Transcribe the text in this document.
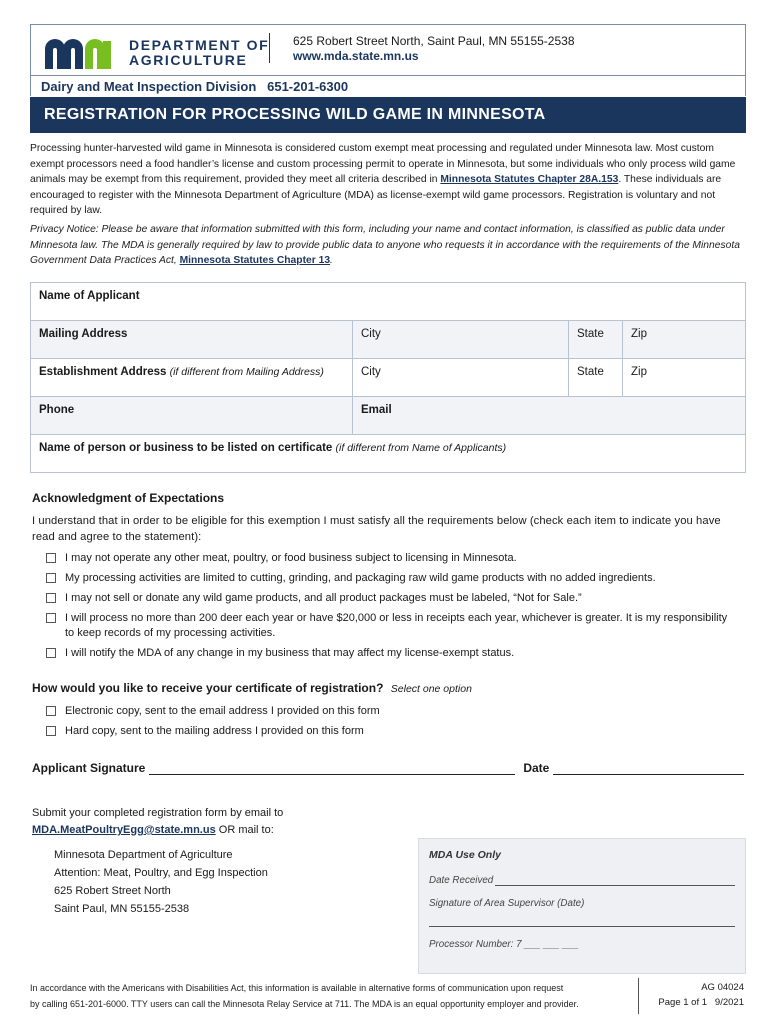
DEPARTMENT OF
AGRICULTURE
625 Robert Street North, Saint Paul, MN 55155-2538
www.mda.state.mn.us
Dairy and Meat Inspection Division   651-201-6300
REGISTRATION FOR PROCESSING WILD GAME IN MINNESOTA
Processing hunter-harvested wild game in Minnesota is considered custom exempt meat processing and regulated under Minnesota law. Most custom exempt processors need a food handler’s license and custom processing permit to operate in Minnesota, but some individuals who only process wild game animals may be exempt from this requirement, provided they meet all criteria described in Minnesota Statutes Chapter 28A.153. These individuals are encouraged to register with the Minnesota Department of Agriculture (MDA) as license-exempt wild game processors. Registration is voluntary and not required by law.
Privacy Notice: Please be aware that information submitted with this form, including your name and contact information, is classified as public data under Minnesota law. The MDA is generally required by law to provide public data to anyone who requests it in accordance with the requirements of the Minnesota Government Data Practices Act, Minnesota Statutes Chapter 13.
Name of Applicant			
Mailing Address	City	State	Zip
Establishment Address (if different from Mailing Address)	City	State	Zip
Phone	Email		
Name of person or business to be listed on certificate (if different from Name of Applicants)			
Acknowledgment of Expectations
I understand that in order to be eligible for this exemption I must satisfy all the requirements below (check each item to indicate you have read and agree to the statement):
I may not operate any other meat, poultry, or food business subject to licensing in Minnesota.
My processing activities are limited to cutting, grinding, and packaging raw wild game products with no added ingredients.
I may not sell or donate any wild game products, and all product packages must be labeled, “Not for Sale.”
I will process no more than 200 deer each year or have $20,000 or less in receipts each year, whichever is greater. It is my responsibility to keep records of my processing activities.
I will notify the MDA of any change in my business that may affect my license-exempt status.
How would you like to receive your certificate of registration? Select one option
Electronic copy, sent to the email address I provided on this form
Hard copy, sent to the mailing address I provided on this form
Applicant Signature	Date
Submit your completed registration form by email to
MDA.MeatPoultryEgg@state.mn.us OR mail to:
Minnesota Department of Agriculture
Attention: Meat, Poultry, and Egg Inspection
625 Robert Street North
Saint Paul, MN 55155-2538
MDA Use Only
Date Received
Signature of Area Supervisor (Date)
Processor Number: 7 ___ ___ ___
In accordance with the Americans with Disabilities Act, this information is available in alternative forms of communication upon request
by calling 651-201-6000. TTY users can call the Minnesota Relay Service at 711. The MDA is an equal opportunity employer and provider.
AG 04024
Page 1 of 1   9/2021
